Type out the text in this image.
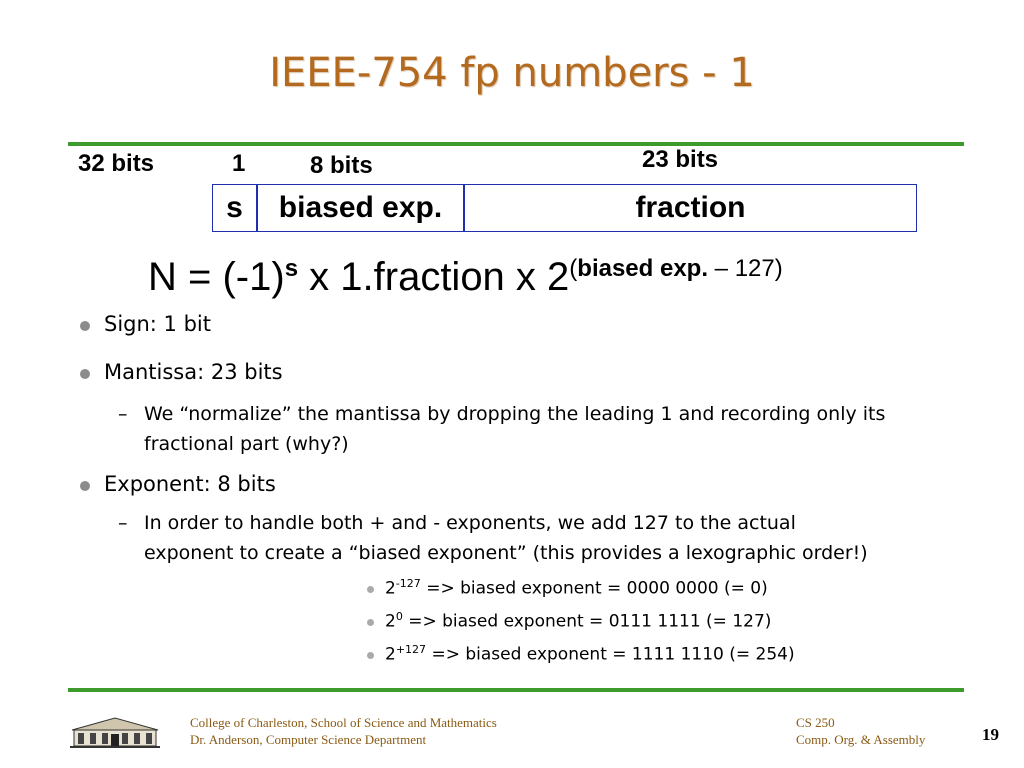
IEEE-754 fp numbers - 1
32 bits	1	8 bits	23 bits
s	biased exp.	fraction
$N = (-1)^s$ x 1.fraction x $2^{(biased exp. - 127)}$
Sign: 1 bit
Mantissa: 23 bits
– We “normalize” the mantissa by dropping the leading 1 and recording only its
fractional part (why?)
Exponent: 8 bits
– In order to handle both + and - exponents, we add 127 to the actual
exponent to create a “biased exponent” (this provides a lexographic order!)
$2^{-127}$ => biased exponent = 0000 0000 (= 0)
$2^0$ => biased exponent = 0111 1111 (= 127)
$2^{+127}$ => biased exponent = 1111 1110 (= 254)
College of Charleston, School of Science and Mathematics
Dr. Anderson, Computer Science Department
CS 250
Comp. Org. & Assembly	19
